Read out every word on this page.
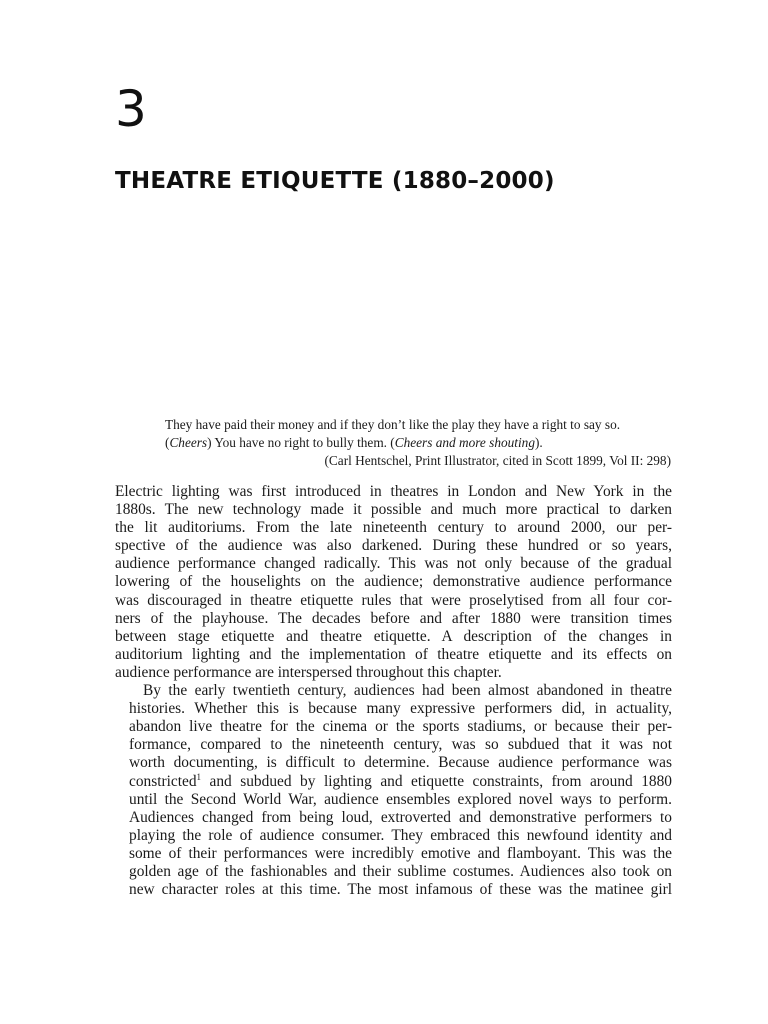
3
THEATRE ETIQUETTE (1880–2000)

They have paid their money and if they don’t like the play they have a right to say so.

(Cheers) You have no right to bully them. (Cheers and more shouting).

(Carl Hentschel, Print Illustrator, cited in Scott 1899, Vol II: 298)

Electric lighting was first introduced in theatres in London and New York in the
1880s. The new technology made it possible and much more practical to darken
the lit auditoriums. From the late nineteenth century to around 2000, our per-
spective of the audience was also darkened. During these hundred or so years,
audience performance changed radically. This was not only because of the gradual
lowering of the houselights on the audience; demonstrative audience performance
was discouraged in theatre etiquette rules that were proselytised from all four cor-
ners of the playhouse. The decades before and after 1880 were transition times
between stage etiquette and theatre etiquette. A description of the changes in
auditorium lighting and the implementation of theatre etiquette and its effects on
audience performance are interspersed throughout this chapter.

By the early twentieth century, audiences had been almost abandoned in theatre
histories. Whether this is because many expressive performers did, in actuality,
abandon live theatre for the cinema or the sports stadiums, or because their per-
formance, compared to the nineteenth century, was so subdued that it was not
worth documenting, is difficult to determine. Because audience performance was
constricted$^1$ and subdued by lighting and etiquette constraints, from around 1880
until the Second World War, audience ensembles explored novel ways to perform.
Audiences changed from being loud, extroverted and demonstrative performers to
playing the role of audience consumer. They embraced this newfound identity and
some of their performances were incredibly emotive and flamboyant. This was the
golden age of the fashionables and their sublime costumes. Audiences also took on
new character roles at this time. The most infamous of these was the matinee girl
